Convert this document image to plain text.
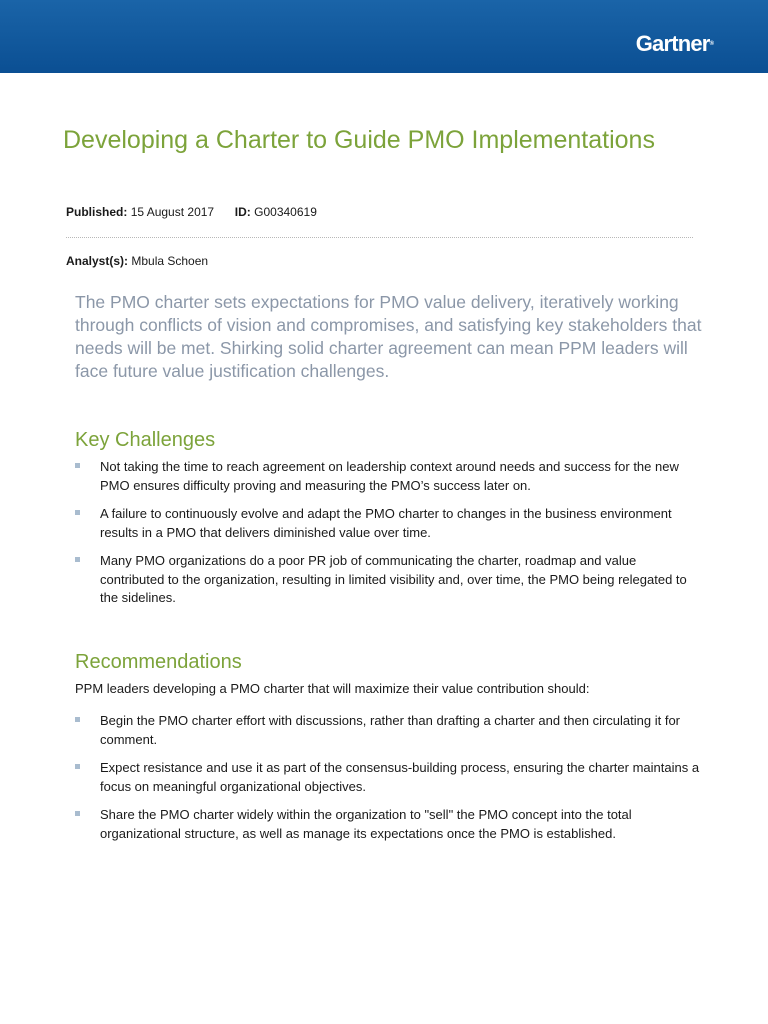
Gartner®
Developing a Charter to Guide PMO Implementations
Published: 15 August 2017 ID: G00340619
Analyst(s): Mbula Schoen

The PMO charter sets expectations for PMO value delivery, iteratively working through conflicts of vision and compromises, and satisfying key stakeholders that needs will be met. Shirking solid charter agreement can mean PPM leaders will face future value justification challenges.

Key Challenges
Not taking the time to reach agreement on leadership context around needs and success for the new PMO ensures difficulty proving and measuring the PMO’s success later on.
A failure to continuously evolve and adapt the PMO charter to changes in the business environment results in a PMO that delivers diminished value over time.
Many PMO organizations do a poor PR job of communicating the charter, roadmap and value contributed to the organization, resulting in limited visibility and, over time, the PMO being relegated to the sidelines.
Recommendations

PPM leaders developing a PMO charter that will maximize their value contribution should:

Begin the PMO charter effort with discussions, rather than drafting a charter and then circulating it for comment.
Expect resistance and use it as part of the consensus-building process, ensuring the charter maintains a focus on meaningful organizational objectives.
Share the PMO charter widely within the organization to "sell" the PMO concept into the total organizational structure, as well as manage its expectations once the PMO is established.
